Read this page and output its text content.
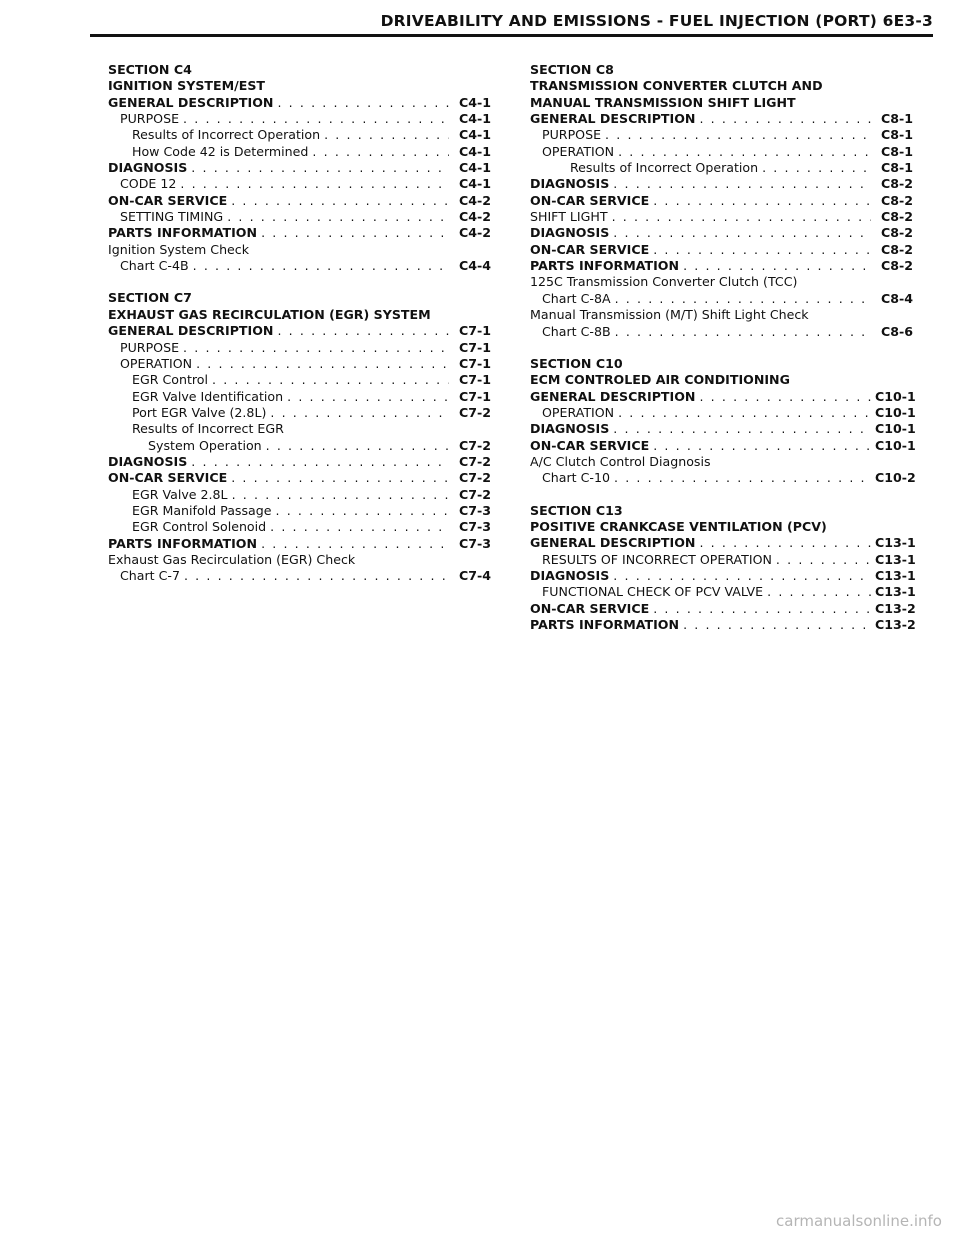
DRIVEABILITY AND EMISSIONS - FUEL INJECTION (PORT) 6E3-3
SECTION C4
IGNITION SYSTEM/EST
GENERAL DESCRIPTION . . .	C4-1
PURPOSE . . .	C4-1
Results of Incorrect Operation . . .	C4-1
How Code 42 is Determined . . .	C4-1
DIAGNOSIS . . .	C4-1
CODE 12 . . .	C4-1
ON-CAR SERVICE . . .	C4-2
SETTING TIMING . . .	C4-2
PARTS INFORMATION . . .	C4-2
Ignition System Check
Chart C-4B . . .	C4-4
SECTION C7
EXHAUST GAS RECIRCULATION (EGR) SYSTEM
GENERAL DESCRIPTION . . .	C7-1
PURPOSE . . .	C7-1
OPERATION . . .	C7-1
EGR Control . . .	C7-1
EGR Valve Identification . . .	C7-1
Port EGR Valve (2.8L) . . .	C7-2
Results of Incorrect EGR
System Operation . . .	C7-2
DIAGNOSIS . . .	C7-2
ON-CAR SERVICE . . .	C7-2
EGR Valve 2.8L . . .	C7-2
EGR Manifold Passage . . .	C7-3
EGR Control Solenoid . . .	C7-3
PARTS INFORMATION . . .	C7-3
Exhaust Gas Recirculation (EGR) Check
Chart C-7 . . .	C7-4
SECTION C8
TRANSMISSION CONVERTER CLUTCH AND
MANUAL TRANSMISSION SHIFT LIGHT
GENERAL DESCRIPTION . . .	C8-1
PURPOSE . . .	C8-1
OPERATION . . .	C8-1
Results of Incorrect Operation . . .	C8-1
DIAGNOSIS . . .	C8-2
ON-CAR SERVICE . . .	C8-2
SHIFT LIGHT . . .	C8-2
DIAGNOSIS . . .	C8-2
ON-CAR SERVICE . . .	C8-2
PARTS INFORMATION . . .	C8-2
125C Transmission Converter Clutch (TCC)
Chart C-8A . . .	C8-4
Manual Transmission (M/T) Shift Light Check
Chart C-8B . . .	C8-6
SECTION C10
ECM CONTROLED AIR CONDITIONING
GENERAL DESCRIPTION . . .	C10-1
OPERATION . . .	C10-1
DIAGNOSIS . . .	C10-1
ON-CAR SERVICE . . .	C10-1
A/C Clutch Control Diagnosis
Chart C-10 . . .	C10-2
SECTION C13
POSITIVE CRANKCASE VENTILATION (PCV)
GENERAL DESCRIPTION . . .	C13-1
RESULTS OF INCORRECT OPERATION . . .	C13-1
DIAGNOSIS . . .	C13-1
FUNCTIONAL CHECK OF PCV VALVE . . .	C13-1
ON-CAR SERVICE . . .	C13-2
PARTS INFORMATION . . .	C13-2
carmanualsonline.info
